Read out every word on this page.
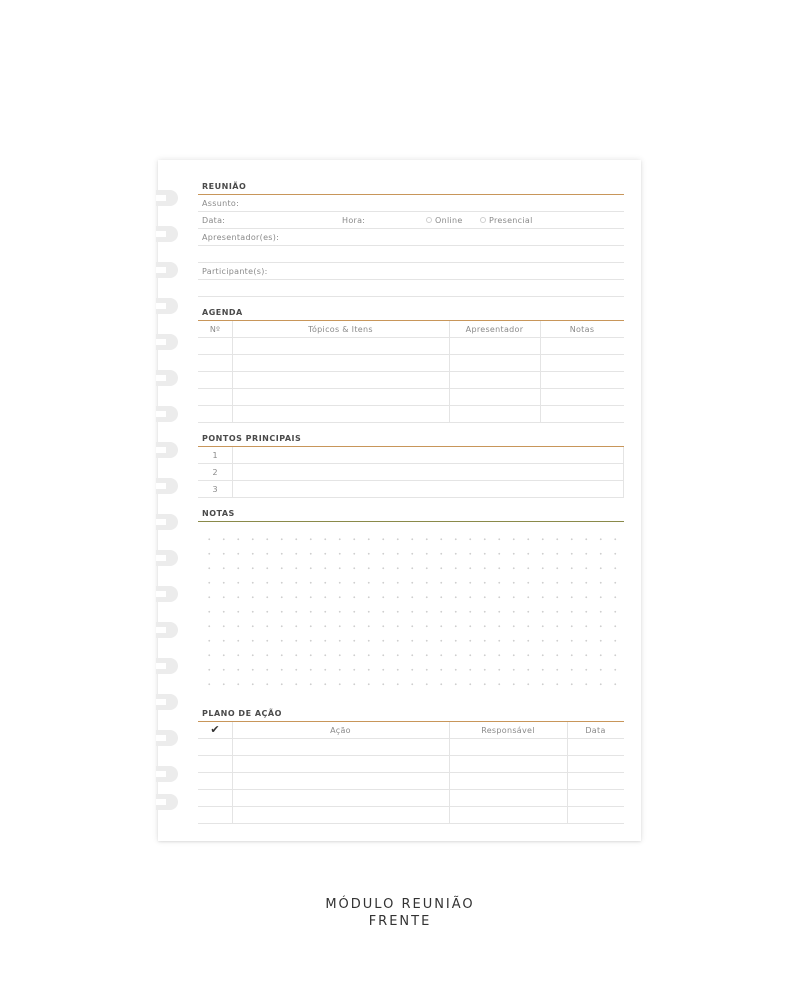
REUNIÃO
Assunto:
Data:	Hora:	Online	Presencial
Apresentador(es):
Participante(s):
AGENDA
Nº	Tópicos & Itens	Apresentador	Notas
PONTOS PRINCIPAIS
1
2
3
NOTAS
PLANO DE AÇÃO
✔	Ação	Responsável	Data
MÓDULO REUNIÃO
FRENTE
